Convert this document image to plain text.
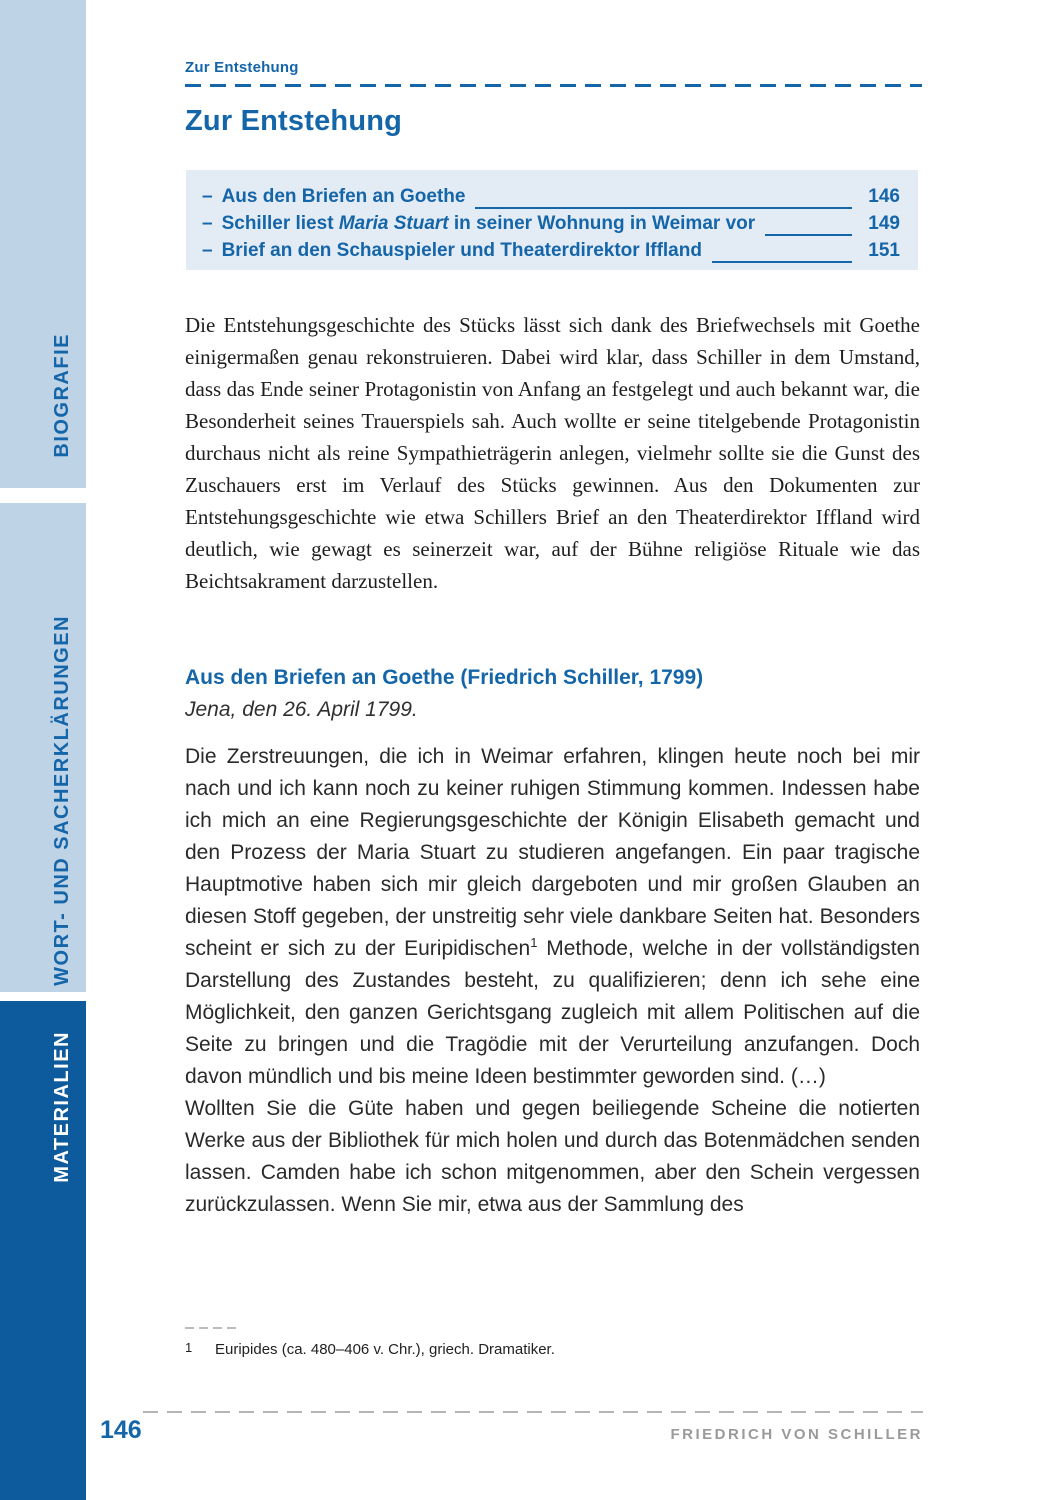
BIOGRAFIE
WORT- UND SACHERKLÄRUNGEN
MATERIALIEN
Zur Entstehung
Zur Entstehung
– Aus den Briefen an Goethe	146
– Schiller liest Maria Stuart in seiner Wohnung in Weimar vor	149
– Brief an den Schauspieler und Theaterdirektor Iffland	151

Die Entstehungsgeschichte des Stücks lässt sich dank des Briefwechsels mit Goethe einigermaßen genau rekonstruieren. Dabei wird klar, dass Schiller in dem Umstand, dass das Ende seiner Protagonistin von Anfang an festgelegt und auch bekannt war, die Besonderheit seines Trauerspiels sah. Auch wollte er seine titelgebende Protagonistin durchaus nicht als reine Sympathieträgerin anlegen, vielmehr sollte sie die Gunst des Zuschauers erst im Verlauf des Stücks gewinnen. Aus den Dokumenten zur Entstehungsgeschichte wie etwa Schillers Brief an den Theaterdirektor Iffland wird deutlich, wie gewagt es seinerzeit war, auf der Bühne religiöse Rituale wie das Beichtsakrament darzustellen.

Aus den Briefen an Goethe (Friedrich Schiller, 1799)
Jena, den 26. April 1799.

Die Zerstreuungen, die ich in Weimar erfahren, klingen heute noch bei mir nach und ich kann noch zu keiner ruhigen Stimmung kommen. Indessen habe ich mich an eine Regierungsgeschichte der Königin Elisabeth gemacht und den Prozess der Maria Stuart zu studieren angefangen. Ein paar tragische Hauptmotive haben sich mir gleich dargeboten und mir großen Glauben an diesen Stoff gegeben, der unstreitig sehr viele dankbare Seiten hat. Besonders scheint er sich zu der Euripidischen$^1$ Methode, welche in der vollständigsten Darstellung des Zustandes besteht, zu qualifizieren; denn ich sehe eine Möglichkeit, den ganzen Gerichtsgang zugleich mit allem Politischen auf die Seite zu bringen und die Tragödie mit der Verurteilung anzufangen. Doch davon mündlich und bis meine Ideen bestimmter geworden sind. (…)

Wollten Sie die Güte haben und gegen beiliegende Scheine die notierten Werke aus der Bibliothek für mich holen und durch das Botenmädchen senden lassen. Camden habe ich schon mitgenommen, aber den Schein vergessen zurückzulassen. Wenn Sie mir, etwa aus der Sammlung des

1	Euripides (ca. 480–406 v. Chr.), griech. Dramatiker.
146	FRIEDRICH VON SCHILLER
